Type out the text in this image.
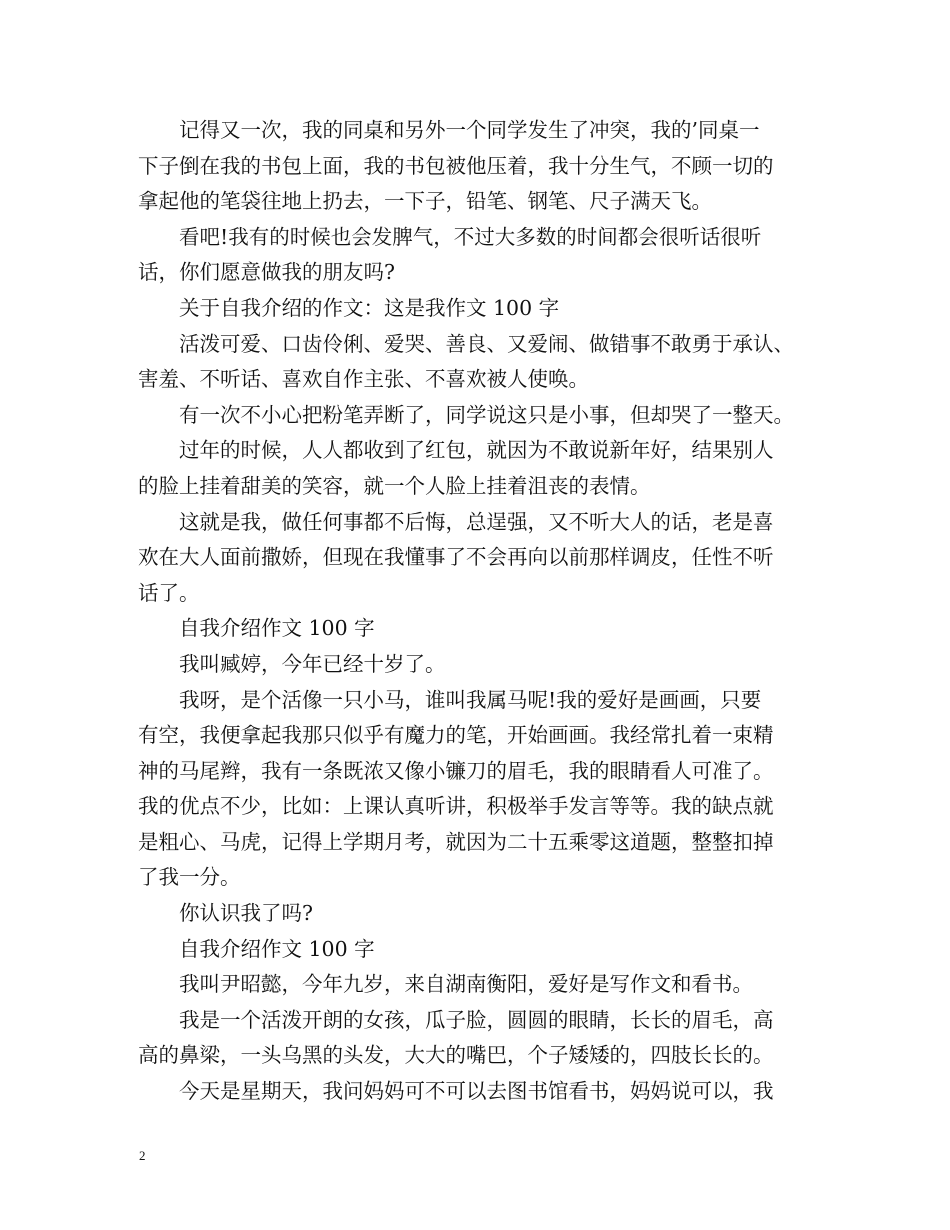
记得又一次，我的同桌和另外一个同学发生了冲突，我的’同桌一
下子倒在我的书包上面，我的书包被他压着，我十分生气，不顾一切的
拿起他的笔袋往地上扔去，一下子，铅笔、钢笔、尺子满天飞。

看吧!我有的时候也会发脾气，不过大多数的时间都会很听话很听
话，你们愿意做我的朋友吗?

关于自我介绍的作文：这是我作文 100 字

活泼可爱、口齿伶俐、爱哭、善良、又爱闹、做错事不敢勇于承认、
害羞、不听话、喜欢自作主张、不喜欢被人使唤。

有一次不小心把粉笔弄断了，同学说这只是小事，但却哭了一整天。

过年的时候，人人都收到了红包，就因为不敢说新年好，结果别人
的脸上挂着甜美的笑容，就一个人脸上挂着沮丧的表情。

这就是我，做任何事都不后悔，总逞强，又不听大人的话，老是喜
欢在大人面前撒娇，但现在我懂事了不会再向以前那样调皮，任性不听
话了。

自我介绍作文 100 字

我叫臧婷，今年已经十岁了。

我呀，是个活像一只小马，谁叫我属马呢!我的爱好是画画，只要
有空，我便拿起我那只似乎有魔力的笔，开始画画。我经常扎着一束精
神的马尾辫，我有一条既浓又像小镰刀的眉毛，我的眼睛看人可准了。
我的优点不少，比如：上课认真听讲，积极举手发言等等。我的缺点就
是粗心、马虎，记得上学期月考，就因为二十五乘零这道题，整整扣掉
了我一分。

你认识我了吗?

自我介绍作文 100 字

我叫尹昭懿，今年九岁，来自湖南衡阳，爱好是写作文和看书。

我是一个活泼开朗的女孩，瓜子脸，圆圆的眼睛，长长的眉毛，高
高的鼻梁，一头乌黑的头发，大大的嘴巴，个子矮矮的，四肢长长的。

今天是星期天，我问妈妈可不可以去图书馆看书，妈妈说可以，我

2
